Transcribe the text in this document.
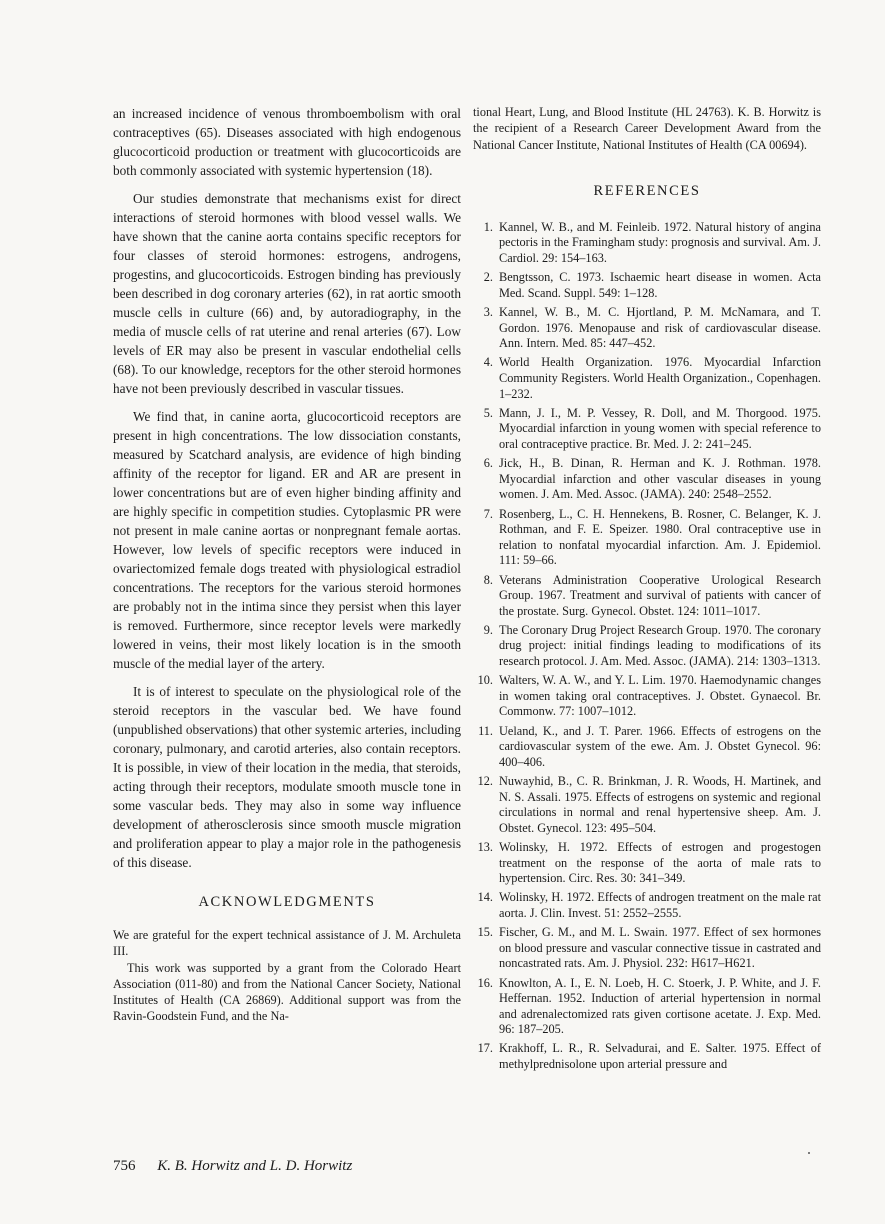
an increased incidence of venous thromboembolism with oral contraceptives (65). Diseases associated with high endogenous glucocorticoid production or treatment with glucocorticoids are both commonly associated with systemic hypertension (18).

Our studies demonstrate that mechanisms exist for direct interactions of steroid hormones with blood vessel walls. We have shown that the canine aorta contains specific receptors for four classes of steroid hormones: estrogens, androgens, progestins, and glucocorticoids. Estrogen binding has previously been described in dog coronary arteries (62), in rat aortic smooth muscle cells in culture (66) and, by autoradiography, in the media of muscle cells of rat uterine and renal arteries (67). Low levels of ER may also be present in vascular endothelial cells (68). To our knowledge, receptors for the other steroid hormones have not been previously described in vascular tissues.

We find that, in canine aorta, glucocorticoid receptors are present in high concentrations. The low dissociation constants, measured by Scatchard analysis, are evidence of high binding affinity of the receptor for ligand. ER and AR are present in lower concentrations but are of even higher binding affinity and are highly specific in competition studies. Cytoplasmic PR were not present in male canine aortas or nonpregnant female aortas. However, low levels of specific receptors were induced in ovariectomized female dogs treated with physiological estradiol concentrations. The receptors for the various steroid hormones are probably not in the intima since they persist when this layer is removed. Furthermore, since receptor levels were markedly lowered in veins, their most likely location is in the smooth muscle of the medial layer of the artery.

It is of interest to speculate on the physiological role of the steroid receptors in the vascular bed. We have found (unpublished observations) that other systemic arteries, including coronary, pulmonary, and carotid arteries, also contain receptors. It is possible, in view of their location in the media, that steroids, acting through their receptors, modulate smooth muscle tone in some vascular beds. They may also in some way influence development of atherosclerosis since smooth muscle migration and proliferation appear to play a major role in the pathogenesis of this disease.

ACKNOWLEDGMENTS

We are grateful for the expert technical assistance of J. M. Archuleta III.

This work was supported by a grant from the Colorado Heart Association (011-80) and from the National Cancer Society, National Institutes of Health (CA 26869). Additional support was from the Ravin-Goodstein Fund, and the Na-

tional Heart, Lung, and Blood Institute (HL 24763). K. B. Horwitz is the recipient of a Research Career Development Award from the National Cancer Institute, National Institutes of Health (CA 00694).

REFERENCES
1. Kannel, W. B., and M. Feinleib. 1972. Natural history of angina pectoris in the Framingham study: prognosis and survival. Am. J. Cardiol. 29: 154–163.
2. Bengtsson, C. 1973. Ischaemic heart disease in women. Acta Med. Scand. Suppl. 549: 1–128.
3. Kannel, W. B., M. C. Hjortland, P. M. McNamara, and T. Gordon. 1976. Menopause and risk of cardiovascular disease. Ann. Intern. Med. 85: 447–452.
4. World Health Organization. 1976. Myocardial Infarction Community Registers. World Health Organization., Copenhagen. 1–232.
5. Mann, J. I., M. P. Vessey, R. Doll, and M. Thorgood. 1975. Myocardial infarction in young women with special reference to oral contraceptive practice. Br. Med. J. 2: 241–245.
6. Jick, H., B. Dinan, R. Herman and K. J. Rothman. 1978. Myocardial infarction and other vascular diseases in young women. J. Am. Med. Assoc. (JAMA). 240: 2548–2552.
7. Rosenberg, L., C. H. Hennekens, B. Rosner, C. Belanger, K. J. Rothman, and F. E. Speizer. 1980. Oral contraceptive use in relation to nonfatal myocardial infarction. Am. J. Epidemiol. 111: 59–66.
8. Veterans Administration Cooperative Urological Research Group. 1967. Treatment and survival of patients with cancer of the prostate. Surg. Gynecol. Obstet. 124: 1011–1017.
9. The Coronary Drug Project Research Group. 1970. The coronary drug project: initial findings leading to modifications of its research protocol. J. Am. Med. Assoc. (JAMA). 214: 1303–1313.
10. Walters, W. A. W., and Y. L. Lim. 1970. Haemodynamic changes in women taking oral contraceptives. J. Obstet. Gynaecol. Br. Commonw. 77: 1007–1012.
11. Ueland, K., and J. T. Parer. 1966. Effects of estrogens on the cardiovascular system of the ewe. Am. J. Obstet Gynecol. 96: 400–406.
12. Nuwayhid, B., C. R. Brinkman, J. R. Woods, H. Martinek, and N. S. Assali. 1975. Effects of estrogens on systemic and regional circulations in normal and renal hypertensive sheep. Am. J. Obstet. Gynecol. 123: 495–504.
13. Wolinsky, H. 1972. Effects of estrogen and progestogen treatment on the response of the aorta of male rats to hypertension. Circ. Res. 30: 341–349.
14. Wolinsky, H. 1972. Effects of androgen treatment on the male rat aorta. J. Clin. Invest. 51: 2552–2555.
15. Fischer, G. M., and M. L. Swain. 1977. Effect of sex hormones on blood pressure and vascular connective tissue in castrated and noncastrated rats. Am. J. Physiol. 232: H617–H621.
16. Knowlton, A. I., E. N. Loeb, H. C. Stoerk, J. P. White, and J. F. Heffernan. 1952. Induction of arterial hypertension in normal and adrenalectomized rats given cortisone acetate. J. Exp. Med. 96: 187–205.
17. Krakhoff, L. R., R. Selvadurai, and E. Salter. 1975. Effect of methylprednisolone upon arterial pressure and
756 K. B. Horwitz and L. D. Horwitz
